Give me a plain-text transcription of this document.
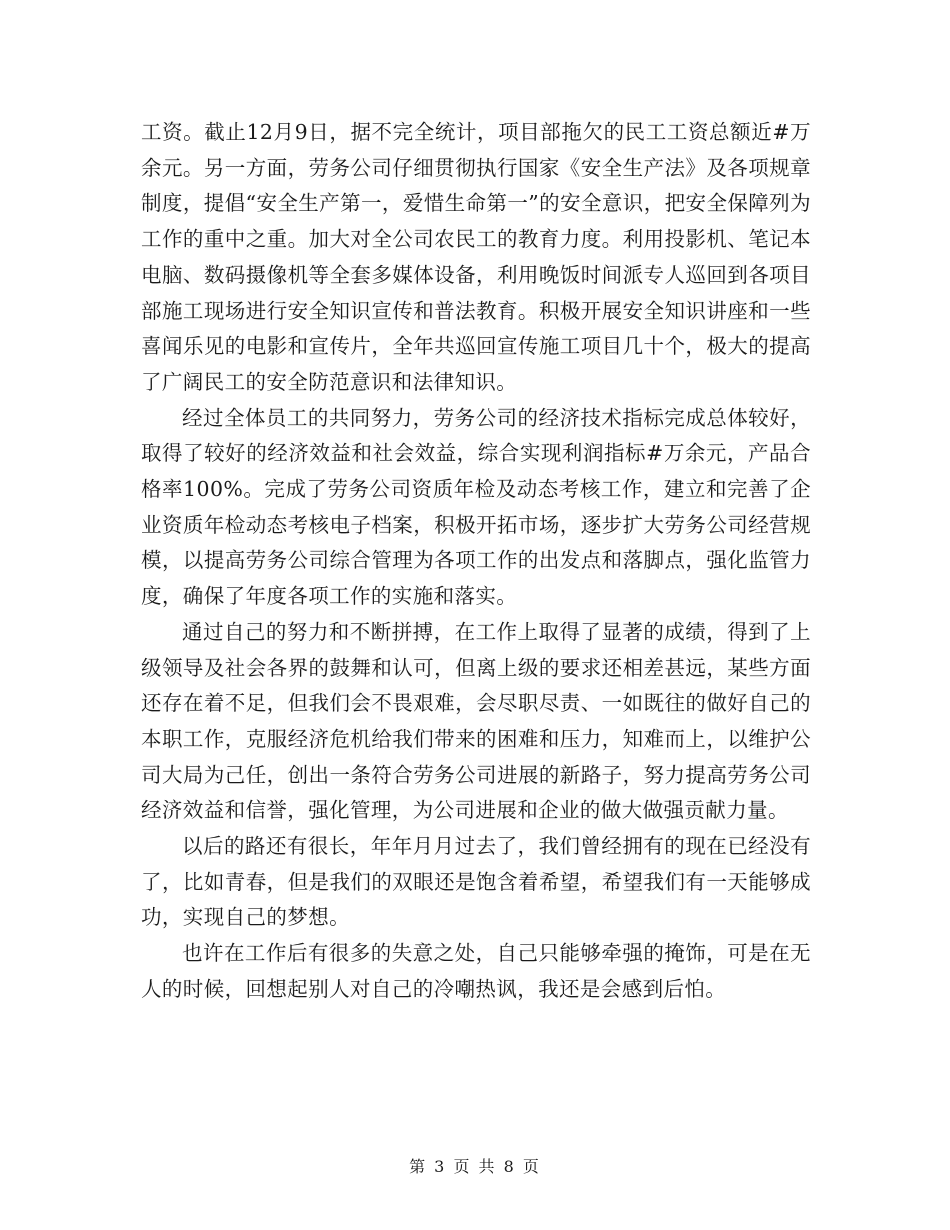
工资。截止12月9日，据不完全统计，项目部拖欠的民工工资总额近#万余元。另一方面，劳务公司仔细贯彻执行国家《安全生产法》及各项规章制度，提倡“安全生产第一，爱惜生命第一”的安全意识，把安全保障列为工作的重中之重。加大对全公司农民工的教育力度。利用投影机、笔记本电脑、数码摄像机等全套多媒体设备，利用晚饭时间派专人巡回到各项目部施工现场进行安全知识宣传和普法教育。积极开展安全知识讲座和一些喜闻乐见的电影和宣传片，全年共巡回宣传施工项目几十个，极大的提高了广阔民工的安全防范意识和法律知识。

经过全体员工的共同努力，劳务公司的经济技术指标完成总体较好，取得了较好的经济效益和社会效益，综合实现利润指标#万余元，产品合格率100%。完成了劳务公司资质年检及动态考核工作，建立和完善了企业资质年检动态考核电子档案，积极开拓市场，逐步扩大劳务公司经营规模，以提高劳务公司综合管理为各项工作的出发点和落脚点，强化监管力度，确保了年度各项工作的实施和落实。

通过自己的努力和不断拼搏，在工作上取得了显著的成绩，得到了上级领导及社会各界的鼓舞和认可，但离上级的要求还相差甚远，某些方面还存在着不足，但我们会不畏艰难，会尽职尽责、一如既往的做好自己的本职工作，克服经济危机给我们带来的困难和压力，知难而上，以维护公司大局为己任，创出一条符合劳务公司进展的新路子，努力提高劳务公司经济效益和信誉，强化管理，为公司进展和企业的做大做强贡献力量。

以后的路还有很长，年年月月过去了，我们曾经拥有的现在已经没有了，比如青春，但是我们的双眼还是饱含着希望，希望我们有一天能够成功，实现自己的梦想。

也许在工作后有很多的失意之处，自己只能够牵强的掩饰，可是在无人的时候，回想起别人对自己的冷嘲热讽，我还是会感到后怕。

第 3 页 共 8 页
